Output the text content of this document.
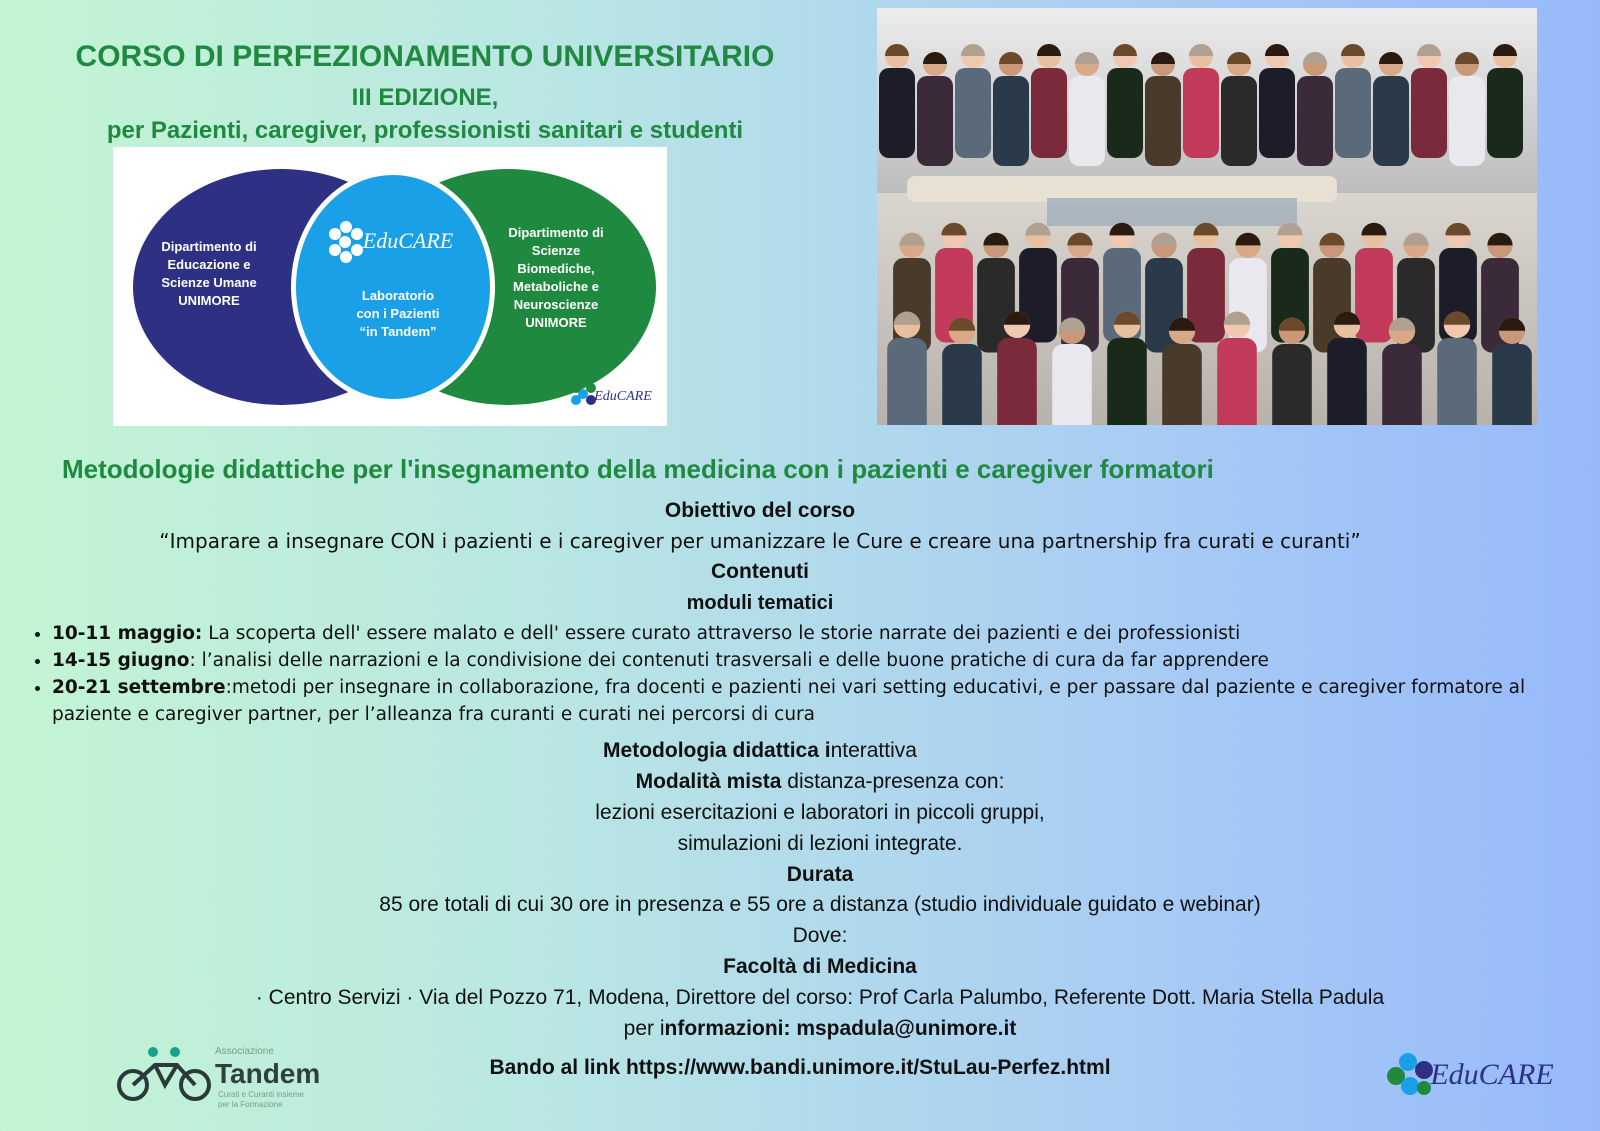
CORSO DI PERFEZIONAMENTO UNIVERSITARIO
III EDIZIONE,
per Pazienti, caregiver, professionisti sanitari e studenti
Dipartimento di
Educazione e
Scienze Umane
UNIMORE	Laboratorio
con i Pazienti
“in Tandem”
Dipartimento di
Scienze
Biomediche,
Metaboliche e
Neuroscienze
UNIMORE
EduCARE
EduCARE
Metodologie didattiche per l'insegnamento della medicina con i pazienti e caregiver formatori
Obiettivo del corso
“Imparare a insegnare CON i pazienti e i caregiver per umanizzare le Cure e creare una partnership fra curati e curanti”
Contenuti
moduli tematici
• 10-11 maggio: La scoperta dell' essere malato e dell' essere curato attraverso le storie narrate dei pazienti e dei professionisti
• 14-15 giugno: l’analisi delle narrazioni e la condivisione dei contenuti trasversali e delle buone pratiche di cura da far apprendere
• 20-21 settembre:metodi per insegnare in collaborazione, fra docenti e pazienti nei vari setting educativi, e per passare dal paziente e caregiver formatore al paziente e caregiver partner, per l’alleanza fra curanti e curati nei percorsi di cura
Metodologia didattica interattiva
Modalità mista distanza-presenza con:
lezioni esercitazioni e laboratori in piccoli gruppi,
simulazioni di lezioni integrate.
Durata
85 ore totali di cui 30 ore in presenza e 55 ore a distanza (studio individuale guidato e webinar)
Dove:
Facoltà di Medicina
· Centro Servizi · Via del Pozzo 71, Modena, Direttore del corso: Prof Carla Palumbo, Referente Dott. Maria Stella Padula
per informazioni: mspadula@unimore.it
Bando al link https://www.bandi.unimore.it/StuLau-Perfez.html
Associazione
Tandem
Curati e Curanti insieme
per la Formazione
EduCARE
